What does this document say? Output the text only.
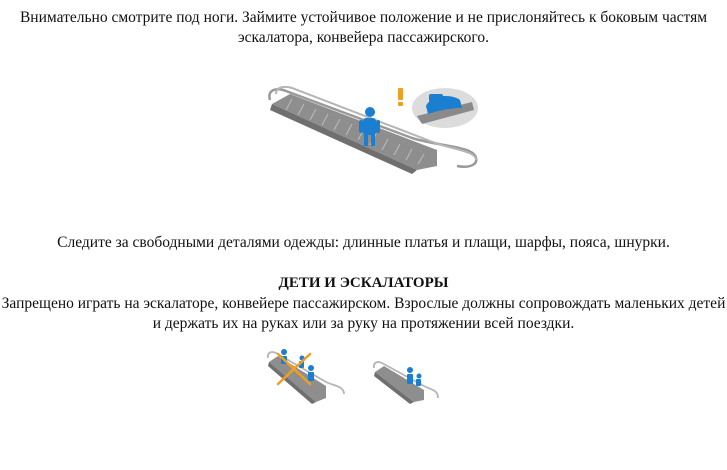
Внимательно смотрите под ноги. Займите устойчивое положение и не прислоняйтесь к боковым частям эскалатора, конвейера пассажирского.

Следите за свободными деталями одежды: длинные платья и плащи, шарфы, пояса, шнурки.

ДЕТИ И ЭСКАЛАТОРЫ

Запрещено играть на эскалаторе, конвейере пассажирском. Взрослые должны сопровождать маленьких детей и держать их на руках или за руку на протяжении всей поездки.
